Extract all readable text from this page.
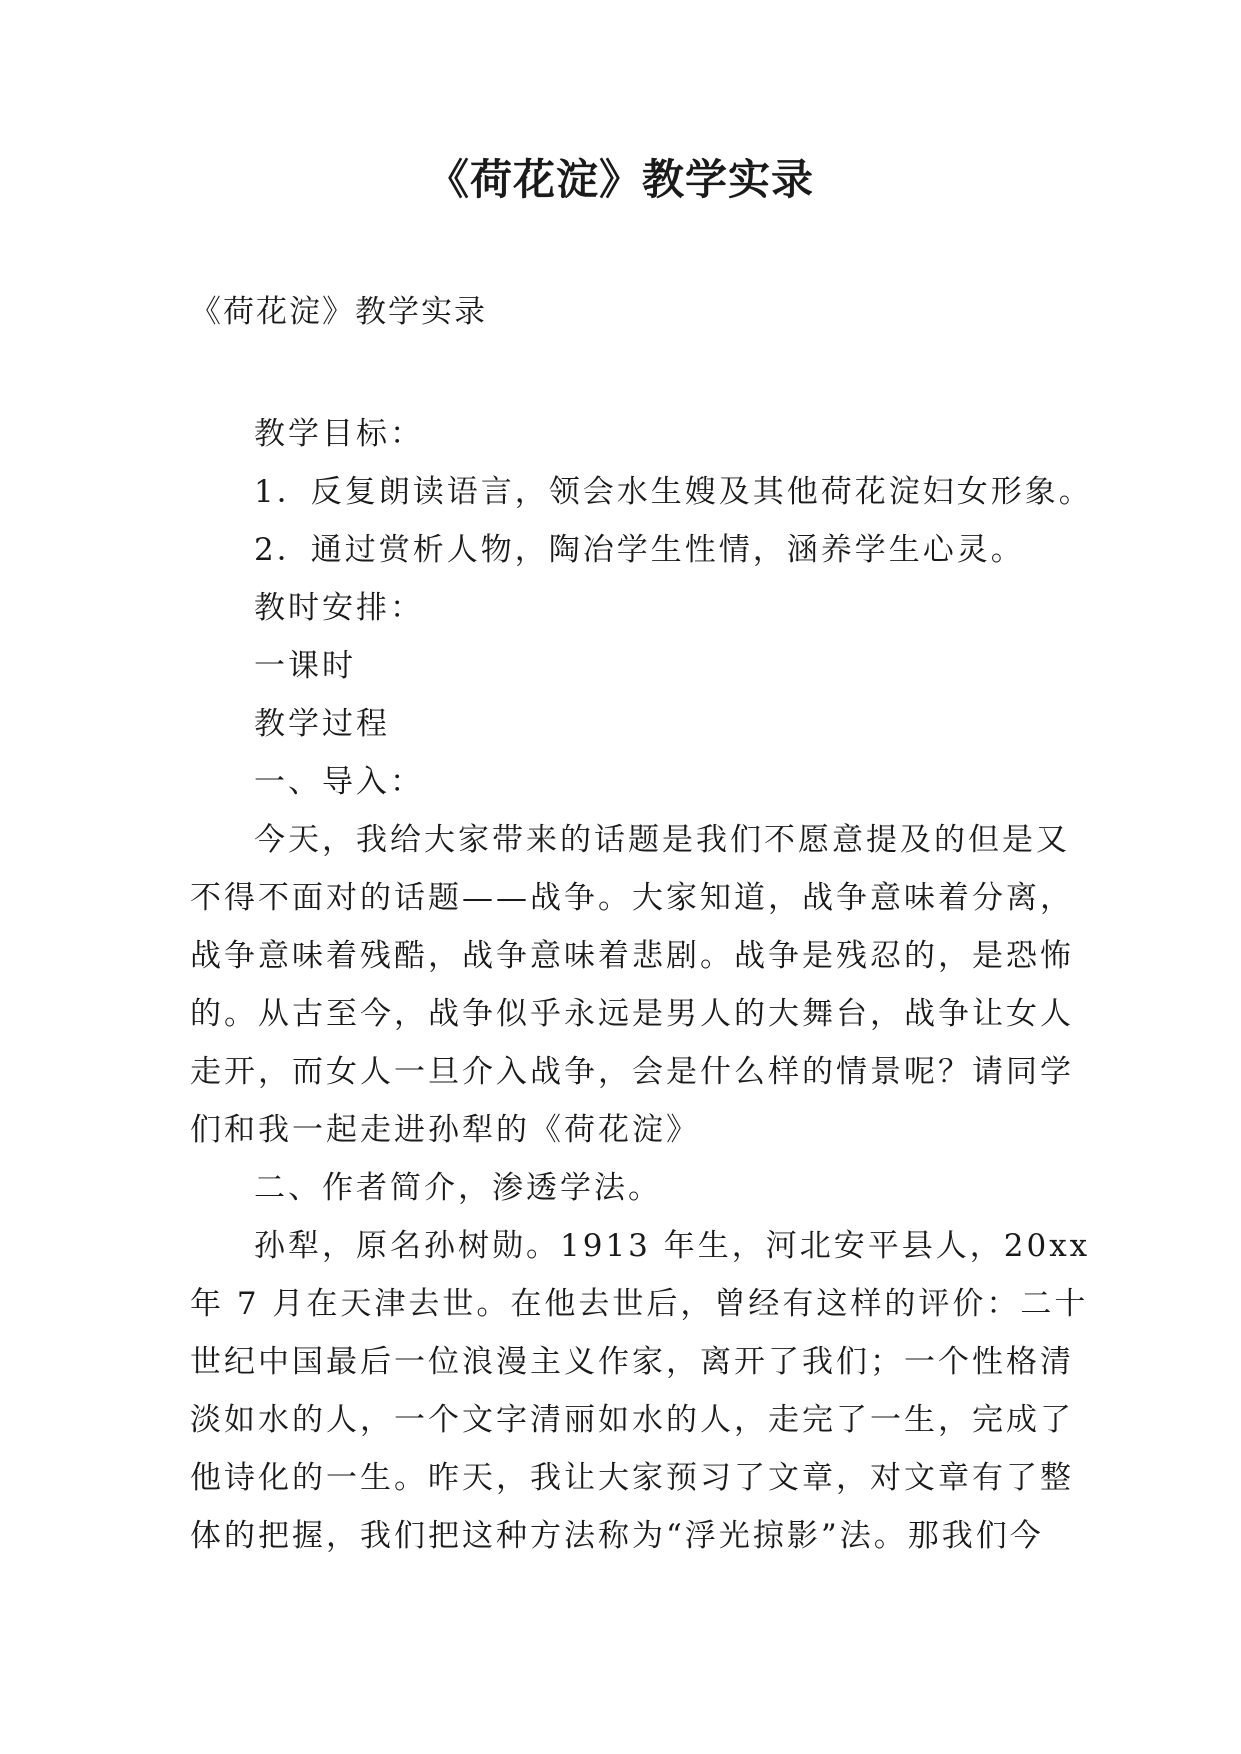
《荷花淀》教学实录
《荷花淀》教学实录
教学目标：
1．反复朗读语言，领会水生嫂及其他荷花淀妇女形象。
2．通过赏析人物，陶冶学生性情，涵养学生心灵。
教时安排：
一课时
教学过程
一、导入：
今天，我给大家带来的话题是我们不愿意提及的但是又
不得不面对的话题——战争。大家知道，战争意味着分离，
战争意味着残酷，战争意味着悲剧。战争是残忍的，是恐怖
的。从古至今，战争似乎永远是男人的大舞台，战争让女人
走开，而女人一旦介入战争，会是什么样的情景呢？请同学
们和我一起走进孙犁的《荷花淀》
二、作者简介，渗透学法。
孙犁，原名孙树勋。1913 年生，河北安平县人，20xx
年 7 月在天津去世。在他去世后，曾经有这样的评价：二十
世纪中国最后一位浪漫主义作家，离开了我们；一个性格清
淡如水的人，一个文字清丽如水的人，走完了一生，完成了
他诗化的一生。昨天，我让大家预习了文章，对文章有了整
体的把握，我们把这种方法称为“浮光掠影”法。那我们今
